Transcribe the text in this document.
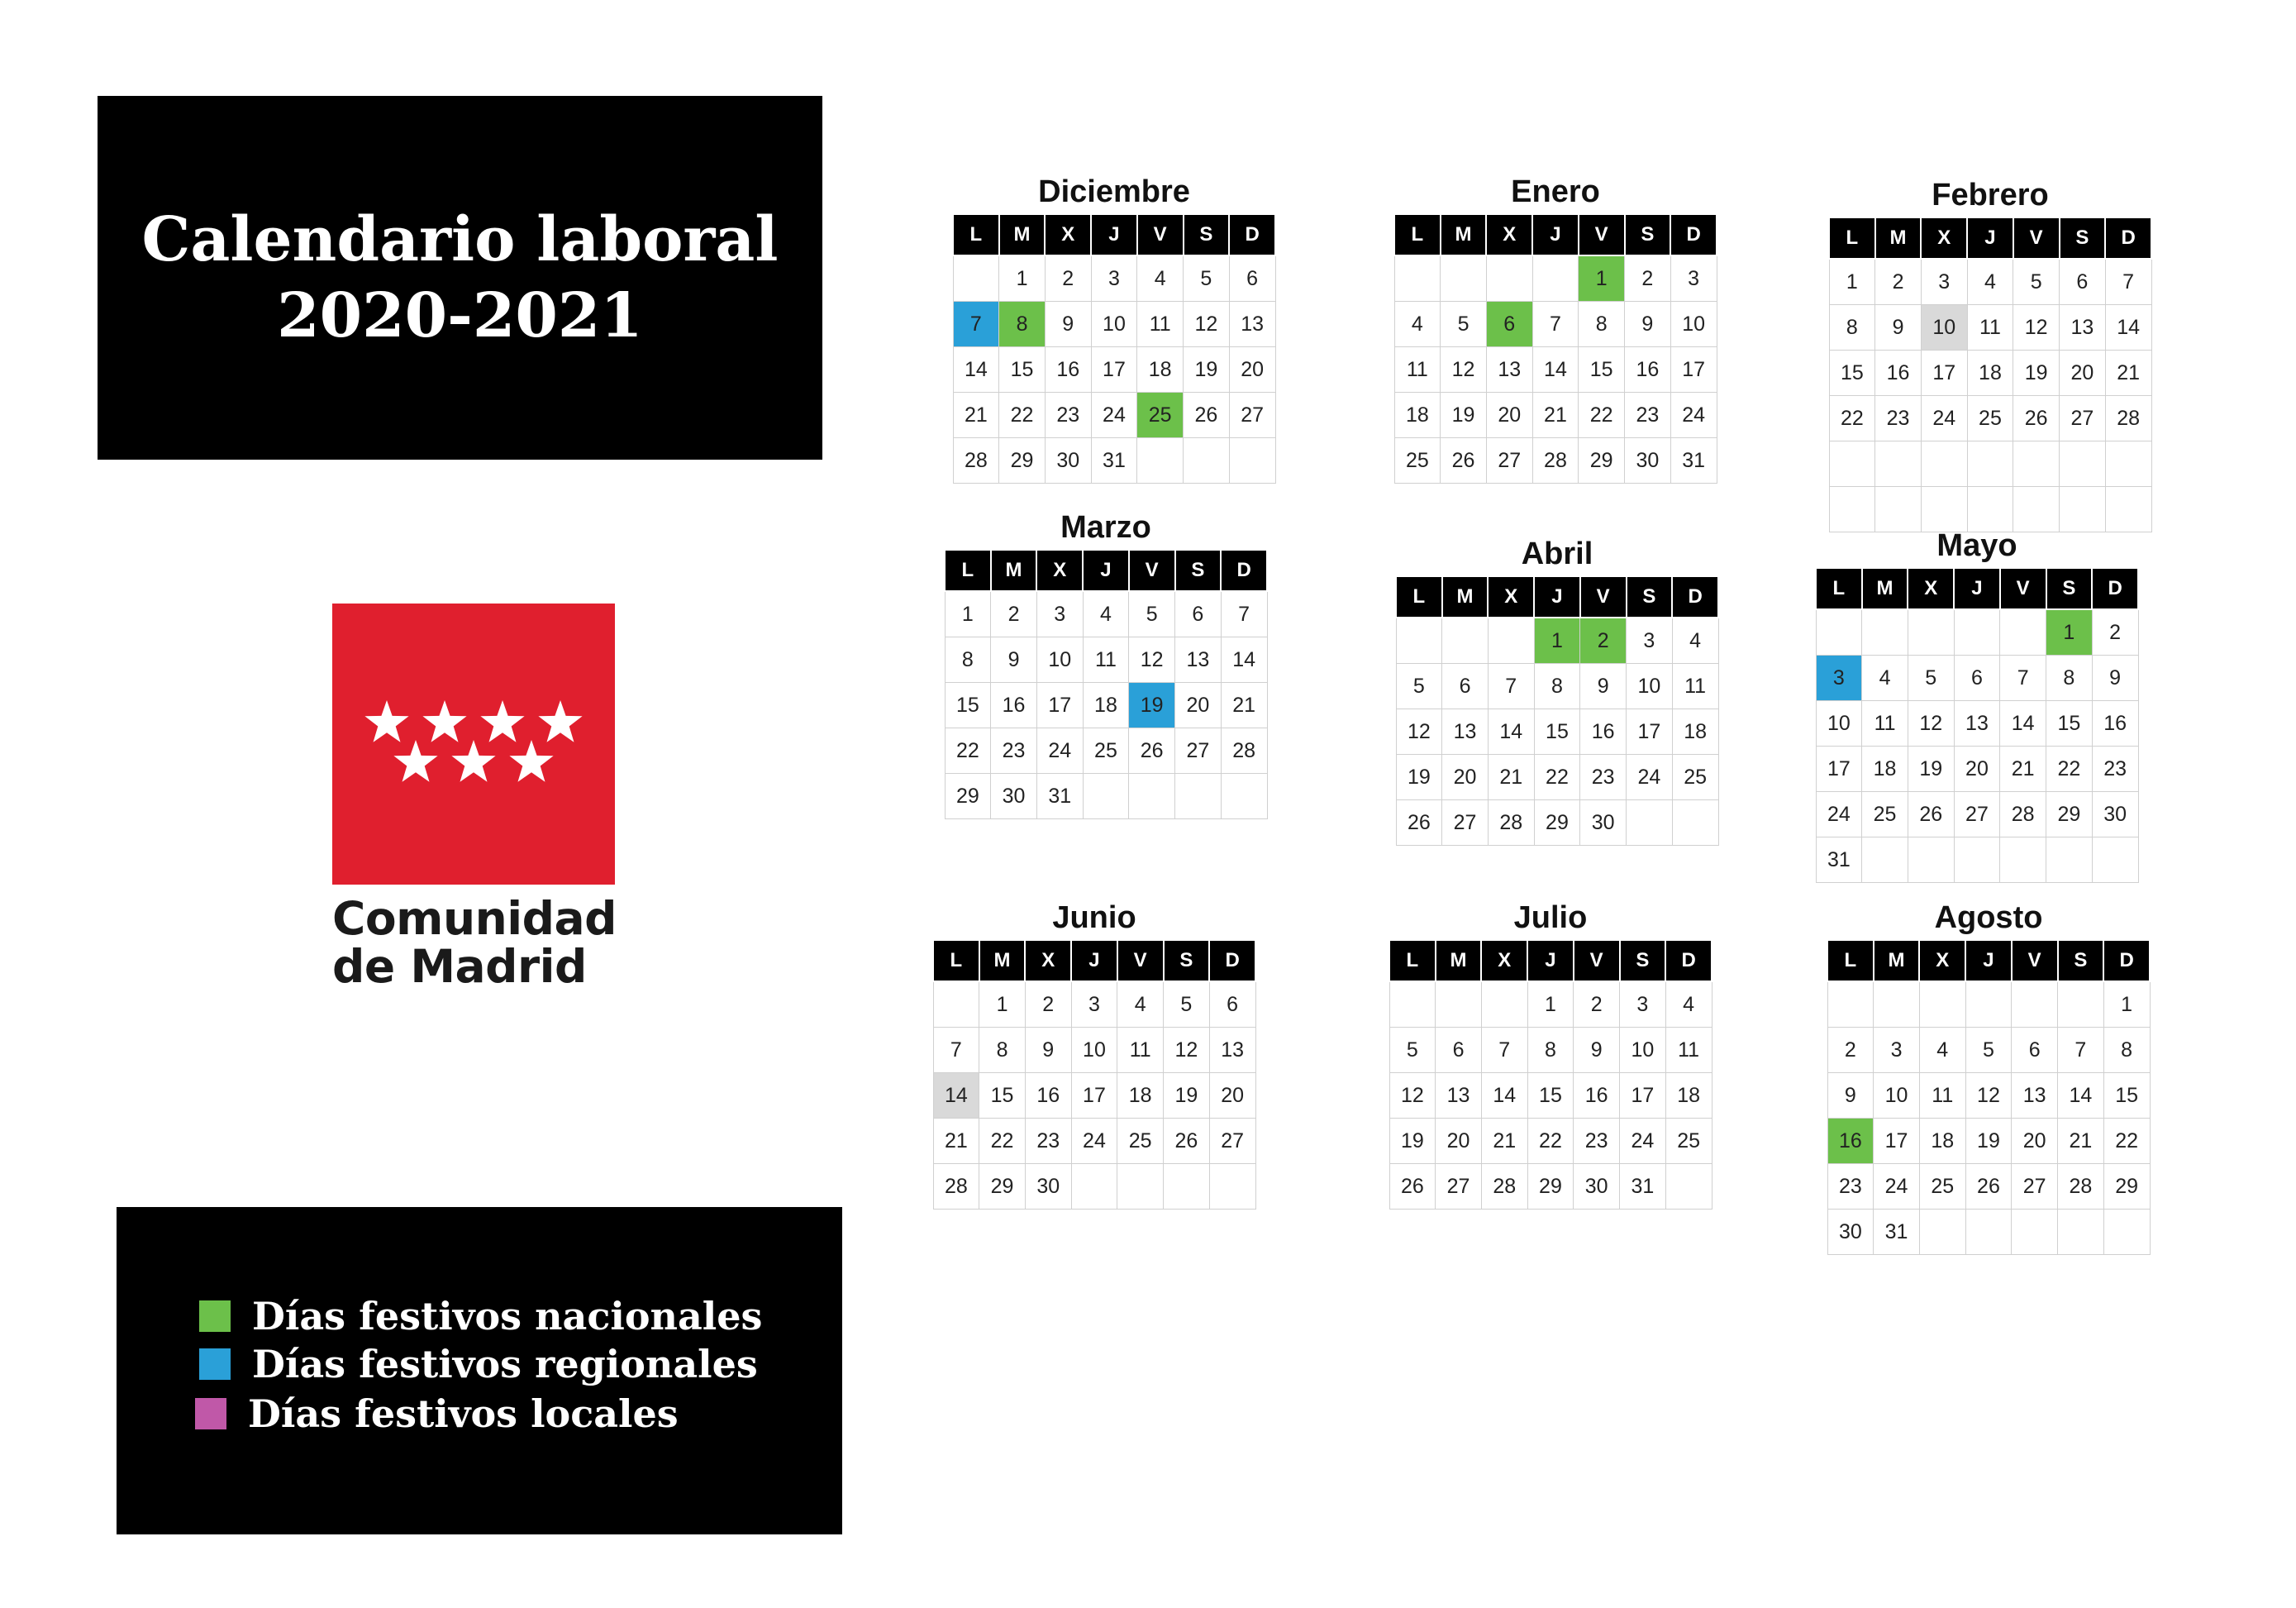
Calendario laboral
2020-2021
Comunidad
de Madrid
Días festivos nacionales
Días festivos regionales
Días festivos locales
Diciembre
L	M	X	J	V	S	D
	1	2	3	4	5	6
7	8	9	10	11	12	13
14	15	16	17	18	19	20
21	22	23	24	25	26	27
28	29	30	31			
Enero
L	M	X	J	V	S	D
				1	2	3
4	5	6	7	8	9	10
11	12	13	14	15	16	17
18	19	20	21	22	23	24
25	26	27	28	29	30	31
Febrero
L	M	X	J	V	S	D
1	2	3	4	5	6	7
8	9	10	11	12	13	14
15	16	17	18	19	20	21
22	23	24	25	26	27	28

Marzo
L	M	X	J	V	S	D
1	2	3	4	5	6	7
8	9	10	11	12	13	14
15	16	17	18	19	20	21
22	23	24	25	26	27	28
29	30	31				
Abril
L	M	X	J	V	S	D
			1	2	3	4
5	6	7	8	9	10	11
12	13	14	15	16	17	18
19	20	21	22	23	24	25
26	27	28	29	30		
Mayo
L	M	X	J	V	S	D
					1	2
3	4	5	6	7	8	9
10	11	12	13	14	15	16
17	18	19	20	21	22	23
24	25	26	27	28	29	30
31						
Junio
L	M	X	J	V	S	D
	1	2	3	4	5	6
7	8	9	10	11	12	13
14	15	16	17	18	19	20
21	22	23	24	25	26	27
28	29	30				
Julio
L	M	X	J	V	S	D
			1	2	3	4
5	6	7	8	9	10	11
12	13	14	15	16	17	18
19	20	21	22	23	24	25
26	27	28	29	30	31	
Agosto
L	M	X	J	V	S	D
						1
2	3	4	5	6	7	8
9	10	11	12	13	14	15
16	17	18	19	20	21	22
23	24	25	26	27	28	29
30	31					
